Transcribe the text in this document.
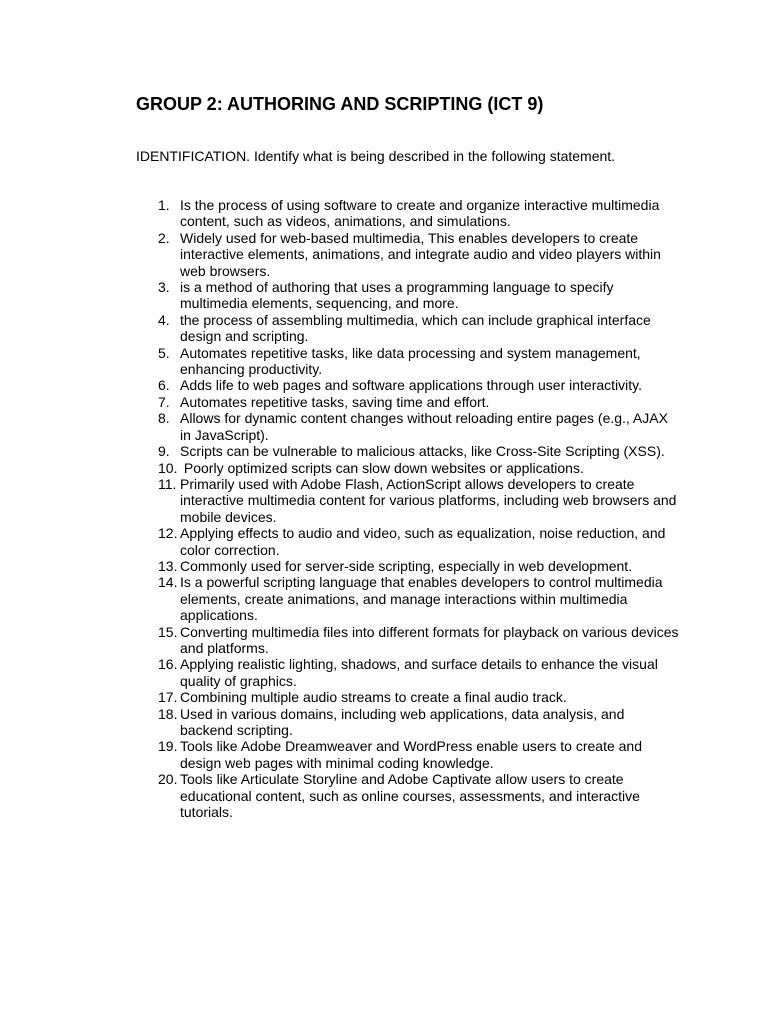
GROUP 2: AUTHORING AND SCRIPTING (ICT 9)
IDENTIFICATION. Identify what is being described in the following statement.
1. Is the process of using software to create and organize interactive multimedia content, such as videos, animations, and simulations.
2. Widely used for web-based multimedia, This enables developers to create interactive elements, animations, and integrate audio and video players within web browsers.
3. is a method of authoring that uses a programming language to specify multimedia elements, sequencing, and more.
4. the process of assembling multimedia, which can include graphical interface design and scripting.
5. Automates repetitive tasks, like data processing and system management, enhancing productivity.
6. Adds life to web pages and software applications through user interactivity.
7. Automates repetitive tasks, saving time and effort.
8. Allows for dynamic content changes without reloading entire pages (e.g., AJAX in JavaScript).
9. Scripts can be vulnerable to malicious attacks, like Cross-Site Scripting (XSS).
10. Poorly optimized scripts can slow down websites or applications.
11. Primarily used with Adobe Flash, ActionScript allows developers to create interactive multimedia content for various platforms, including web browsers and mobile devices.
12. Applying effects to audio and video, such as equalization, noise reduction, and color correction.
13. Commonly used for server-side scripting, especially in web development.
14. Is a powerful scripting language that enables developers to control multimedia elements, create animations, and manage interactions within multimedia applications.
15. Converting multimedia files into different formats for playback on various devices and platforms.
16. Applying realistic lighting, shadows, and surface details to enhance the visual quality of graphics.
17. Combining multiple audio streams to create a final audio track.
18. Used in various domains, including web applications, data analysis, and backend scripting.
19. Tools like Adobe Dreamweaver and WordPress enable users to create and design web pages with minimal coding knowledge.
20. Tools like Articulate Storyline and Adobe Captivate allow users to create educational content, such as online courses, assessments, and interactive tutorials.
